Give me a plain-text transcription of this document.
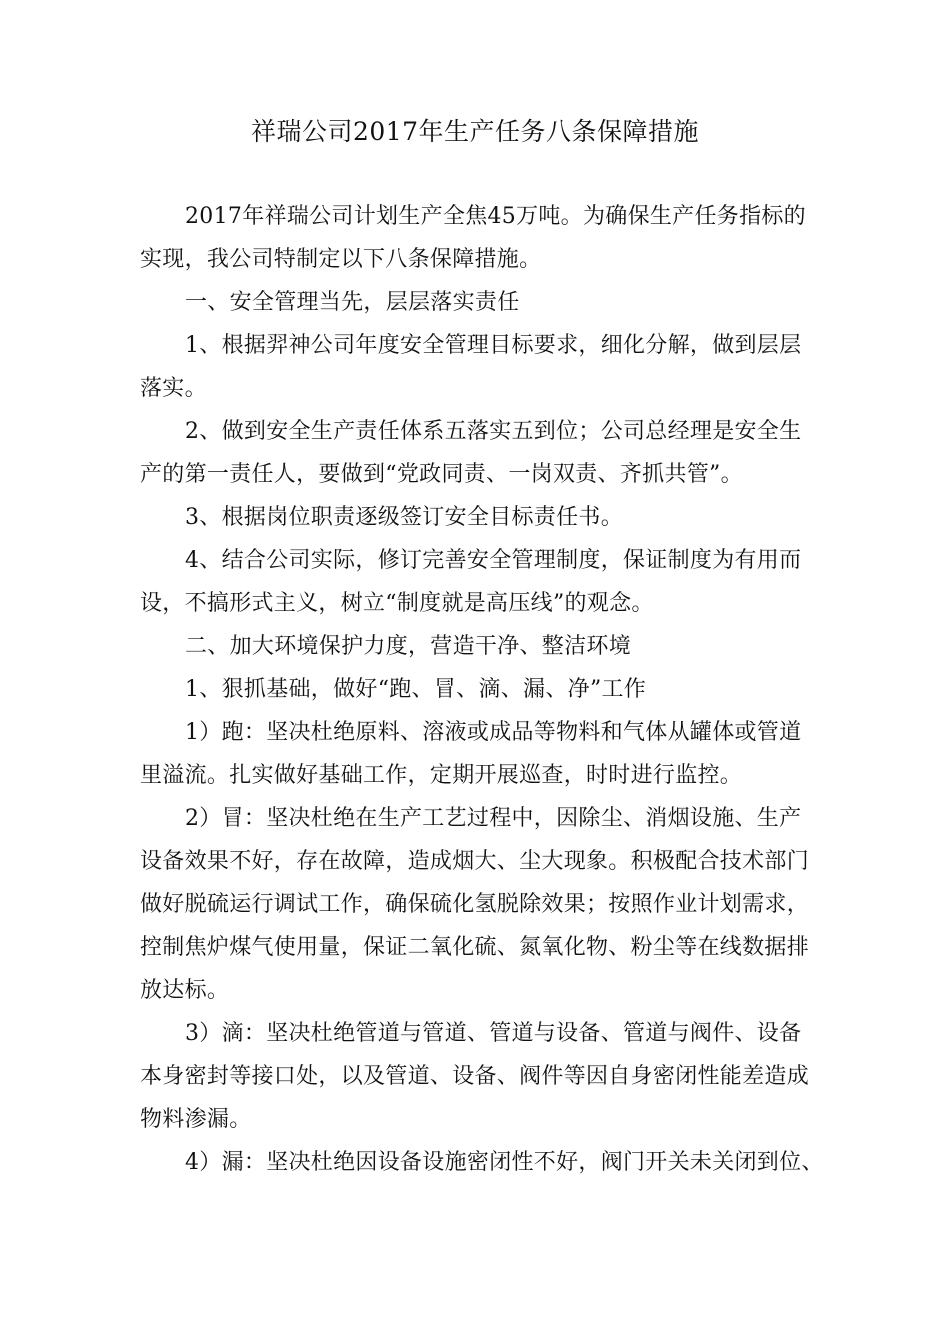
祥瑞公司2017年生产任务八条保障措施
2017年祥瑞公司计划生产全焦45万吨。为确保生产任务指标的
实现，我公司特制定以下八条保障措施。
一、安全管理当先，层层落实责任
1、根据羿神公司年度安全管理目标要求，细化分解，做到层层
落实。
2、做到安全生产责任体系五落实五到位；公司总经理是安全生
产的第一责任人，要做到“党政同责、一岗双责、齐抓共管”。
3、根据岗位职责逐级签订安全目标责任书。
4、结合公司实际，修订完善安全管理制度，保证制度为有用而
设，不搞形式主义，树立“制度就是高压线”的观念。
二、加大环境保护力度，营造干净、整洁环境
1、狠抓基础，做好“跑、冒、滴、漏、净”工作
1）跑：坚决杜绝原料、溶液或成品等物料和气体从罐体或管道
里溢流。扎实做好基础工作，定期开展巡查，时时进行监控。
2）冒：坚决杜绝在生产工艺过程中，因除尘、消烟设施、生产
设备效果不好，存在故障，造成烟大、尘大现象。积极配合技术部门
做好脱硫运行调试工作，确保硫化氢脱除效果；按照作业计划需求，
控制焦炉煤气使用量，保证二氧化硫、氮氧化物、粉尘等在线数据排
放达标。
3）滴：坚决杜绝管道与管道、管道与设备、管道与阀件、设备
本身密封等接口处，以及管道、设备、阀件等因自身密闭性能差造成
物料渗漏。
4）漏：坚决杜绝因设备设施密闭性不好，阀门开关未关闭到位、
